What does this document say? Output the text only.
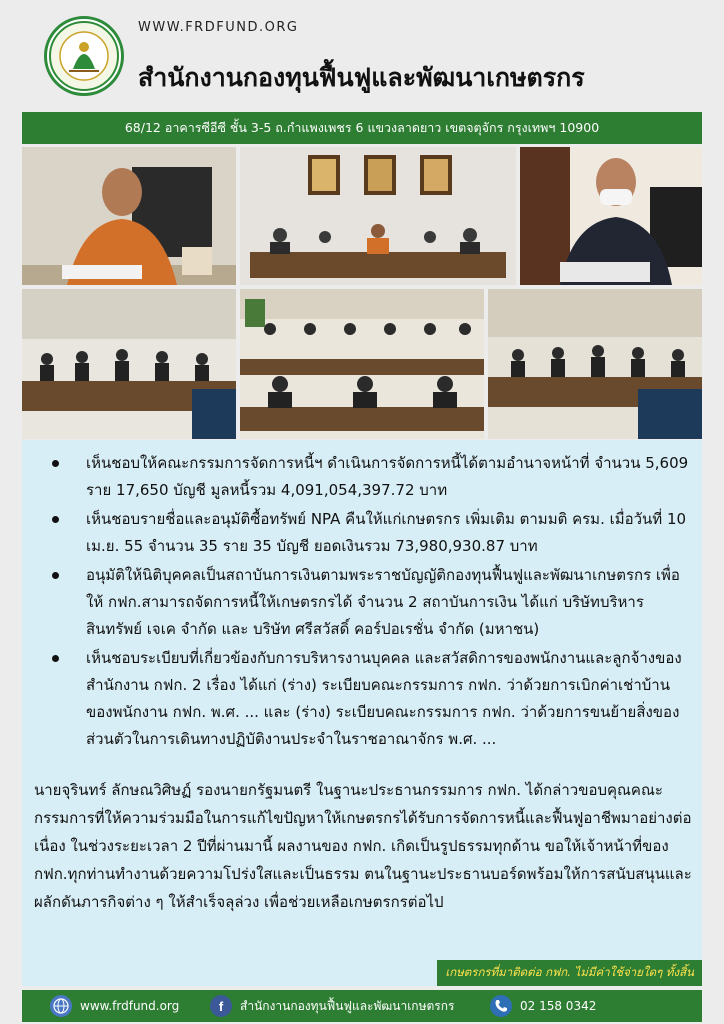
WWW.FRDFUND.ORG
สำนักงานกองทุนฟื้นฟูและพัฒนาเกษตรกร
68/12 อาคารซีอีซี ชั้น 3-5 ถ.กำแพงเพชร 6 แขวงลาดยาว เขตจตุจักร กรุงเทพฯ 10900
เห็นชอบให้คณะกรรมการจัดการหนี้ฯ ดำเนินการจัดการหนี้ได้ตามอำนาจหน้าที่ จำนวน 5,609 ราย 17,650 บัญชี มูลหนี้รวม 4,091,054,397.72 บาท
เห็นชอบรายชื่อและอนุมัติซื้อทรัพย์ NPA คืนให้แก่เกษตรกร เพิ่มเติม ตามมติ ครม. เมื่อวันที่ 10 เม.ย. 55 จำนวน 35 ราย 35 บัญชี ยอดเงินรวม 73,980,930.87 บาท
อนุมัติให้นิติบุคคลเป็นสถาบันการเงินตามพระราชบัญญัติกองทุนฟื้นฟูและพัฒนาเกษตรกร เพื่อให้ กฟก.สามารถจัดการหนี้ให้เกษตรกรได้ จำนวน 2 สถาบันการเงิน ได้แก่ บริษัทบริหารสินทรัพย์ เจเค จำกัด และ บริษัท ศรีสวัสดิ์ คอร์ปอเรชั่น จำกัด (มหาชน)
เห็นชอบระเบียบที่เกี่ยวข้องกับการบริหารงานบุคคล และสวัสดิการของพนักงานและลูกจ้างของสำนักงาน กฟก. 2 เรื่อง ได้แก่ (ร่าง) ระเบียบคณะกรรมการ กฟก. ว่าด้วยการเบิกค่าเช่าบ้านของพนักงาน กฟก. พ.ศ. ... และ (ร่าง) ระเบียบคณะกรรมการ กฟก. ว่าด้วยการขนย้ายสิ่งของส่วนตัวในการเดินทางปฏิบัติงานประจำในราชอาณาจักร พ.ศ. ...

นายจุรินทร์ ลักษณวิศิษฏ์ รองนายกรัฐมนตรี ในฐานะประธานกรรมการ กฟก. ได้กล่าวขอบคุณคณะกรรมการที่ให้ความร่วมมือในการแก้ไขปัญหาให้เกษตรกรได้รับการจัดการหนี้และฟื้นฟูอาชีพมาอย่างต่อเนื่อง ในช่วงระยะเวลา 2 ปีที่ผ่านมานี้ ผลงานของ กฟก. เกิดเป็นรูปธรรมทุกด้าน ขอให้เจ้าหน้าที่ของ กฟก.ทุกท่านทำงานด้วยความโปร่งใสและเป็นธรรม ตนในฐานะประธานบอร์ดพร้อมให้การสนับสนุนและผลักดันภารกิจต่าง ๆ ให้สำเร็จลุล่วง เพื่อช่วยเหลือเกษตรกรต่อไป

เกษตรกรที่มาติดต่อ กฟก. ไม่มีค่าใช้จ่ายใดๆ ทั้งสิ้น
www.frdfund.org	f	สำนักงานกองทุนฟื้นฟูและพัฒนาเกษตรกร	02 158 0342
